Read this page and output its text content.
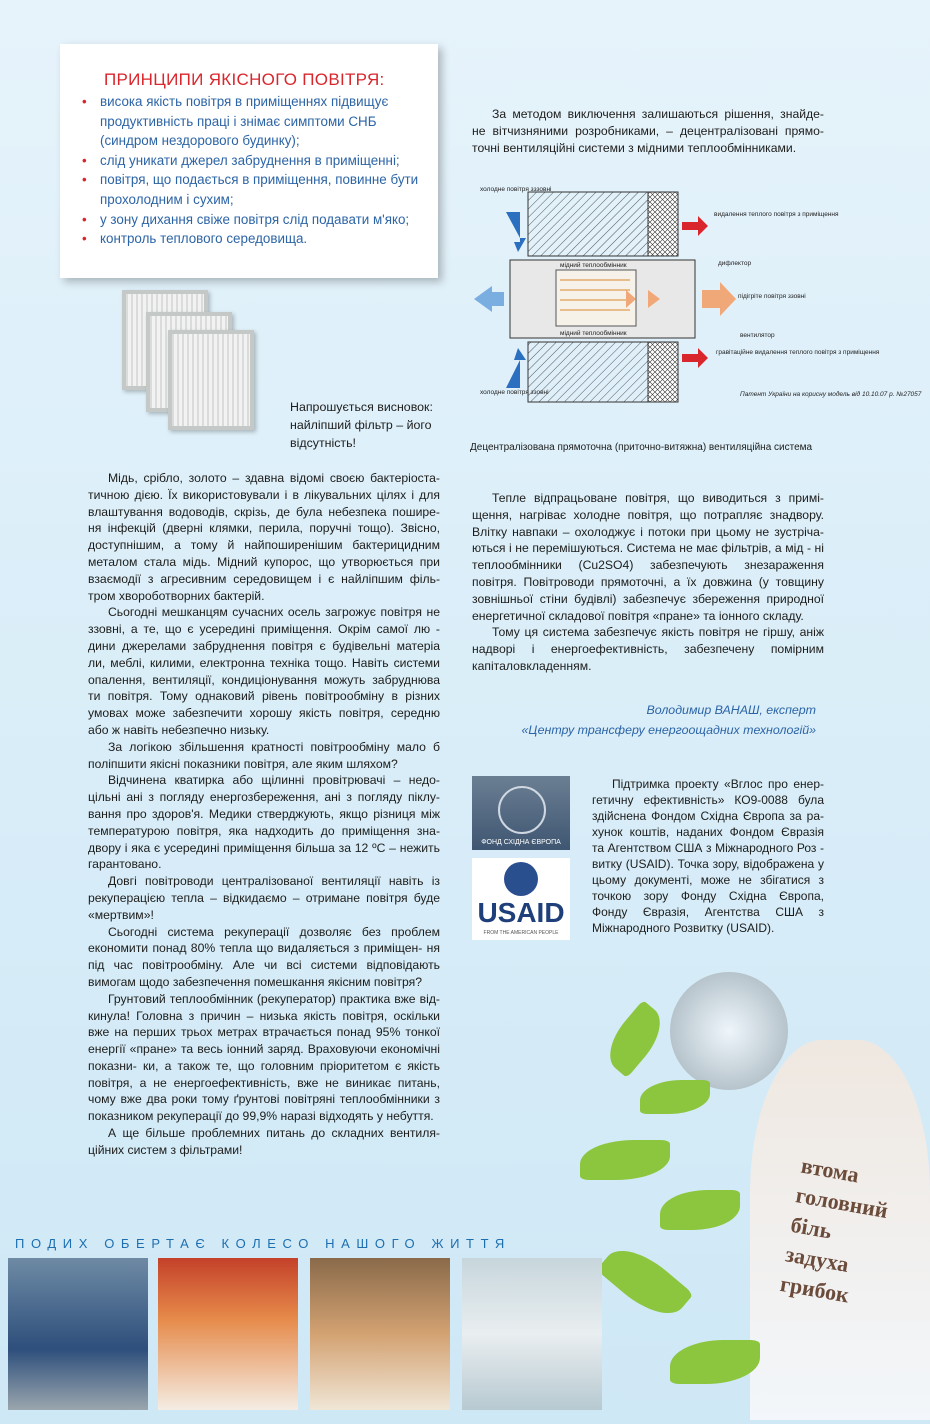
ПРИНЦИПИ ЯКІСНОГО ПОВІТРЯ:
• висока якість повітря в приміщеннях підвищує продуктивність праці і знімає симптоми СНБ (синдром нездорового будинку);
• слід уникати джерел забруднення в приміщенні;
• повітря, що подається в приміщення, повинне бути прохолодним і сухим;
• у зону дихання свіже повітря слід подавати м'яко;
• контроль теплового середовища.
Напрошується висновок: найліпший фільтр – його відсутність!

Мідь, срібло, золото – здавна відомі своєю бактеріоста- тичною дією. Їх використовували і в лікувальних цілях і для влаштування водоводів, скрізь, де була небезпека пошире- ня інфекцій (дверні клямки, перила, поручні тощо). Звісно, доступнішим, а тому й найпоширенішим бактерицидним металом стала мідь. Мідний купорос, що утворюється при взаємодії з агресивним середовищем і є найліпшим філь- тром хвороботворних бактерій.

Сьогодні мешканцям сучасних осель загрожує повітря не ззовні, а те, що є усередині приміщення. Окрім самої лю - дини джерелами забруднення повітря є будівельні матеріа ли, меблі, килими, електронна техніка тощо. Навіть системи опалення, вентиляції, кондиціонування можуть забруднюва ти повітря. Тому однаковий рівень повітрообміну в різних умовах може забезпечити хорошу якість повітря, середню або ж навіть небезпечно низьку.

За логікою збільшення кратності повітрообміну мало б поліпшити якісні показники повітря, але яким шляхом?

Відчинена кватирка або щілинні провітрювачі – недо- цільні ані з погляду енергозбереження, ані з погляду піклу- вання про здоров'я. Медики стверджують, якщо різниця між температурою повітря, яка надходить до приміщення зна- двору і яка є усередині приміщення більша за 12 ºС – нежить гарантовано.

Довгі повітроводи централізованої вентиляції навіть із рекуперацією тепла – відкидаємо – отримане повітря буде «мертвим»!

Сьогодні система рекуперації дозволяє без проблем економити понад 80% тепла що видаляється з приміщен- ня під час повітрообміну. Але чи всі системи відповідають вимогам щодо забезпечення помешкання якісним повітря?

Грунтовий теплообмінник (рекуператор) практика вже від- кинула! Головна з причин – низька якість повітря, оскільки вже на перших трьох метрах втрачається понад 95% тонкої енергії «пране» та весь іонний заряд. Враховуючи економічні показни- ки, а також те, що головним пріоритетом є якість повітря, а не енергоефективність, вже не виникає питань, чому вже два роки тому ґрунтові повітряні теплообмінники з показником рекуперації до 99,9% наразі відходять у небуття.

А ще більше проблемних питань до складних вентиля- ційних систем з фільтрами!

За методом виключення залишаються рішення, знайде- не вітчизняними розробниками, – децентралізовані прямо- точні вентиляційні системи з мідними теплообмінниками.

холодне повітря зззовні
видалення теплого повітря з приміщення
дифлектор
підігріте повітря ззовні
вентилятор
гравітаційне видалення теплого повітря з приміщення
мідний теплообмінник
мідний теплообмінник
холодне повітря ззовні	Патент України на корисну модель від 10.10.07 р. №27057
Децентралізована прямоточна (приточно-витяжна) вентиляційна система

Тепле відпрацьоване повітря, що виводиться з примі- щення, нагріває холодне повітря, що потрапляє знадвору. Влітку навпаки – охолоджує і потоки при цьому не зустріча- ються і не перемішуються. Система не має фільтрів, а мід - ні теплообмінники (Cu2SO4) забезпечують знезараження повітря. Повітроводи прямоточні, а їх довжина (у товщину зовнішньої стіни будівлі) забезпечує збереження природної енергетичної складової повітря «пране» та іонного складу.

Тому ця система забезпечує якість повітря не гіршу, аніж надворі і енергоефективність, забезпечену помірним капіталовкладенням.

Володимир ВАНАШ, експерт
«Центру трансферу енергоощадних технологій»
ФОНД СХІДНА ЄВРОПА
USAID
FROM THE AMERICAN PEOPLE

Підтримка проекту «Вглос про енер- гетичну ефективність» КО9-0088 була здійснена Фондом Східна Європа за ра- хунок коштів, наданих Фондом Євразія та Агентством США з Міжнародного Роз - витку (USAID). Точка зору, відображена у цьому документі, може не збігатися з точкою зору Фонду Східна Європа, Фонду Євразія, Агентства США з Міжнародного Розвитку (USAID).

втома
головний біль
задуха
грибок
ПОДИХ ОБЕРТАЄ КОЛЕСО НАШОГО ЖИТТЯ
